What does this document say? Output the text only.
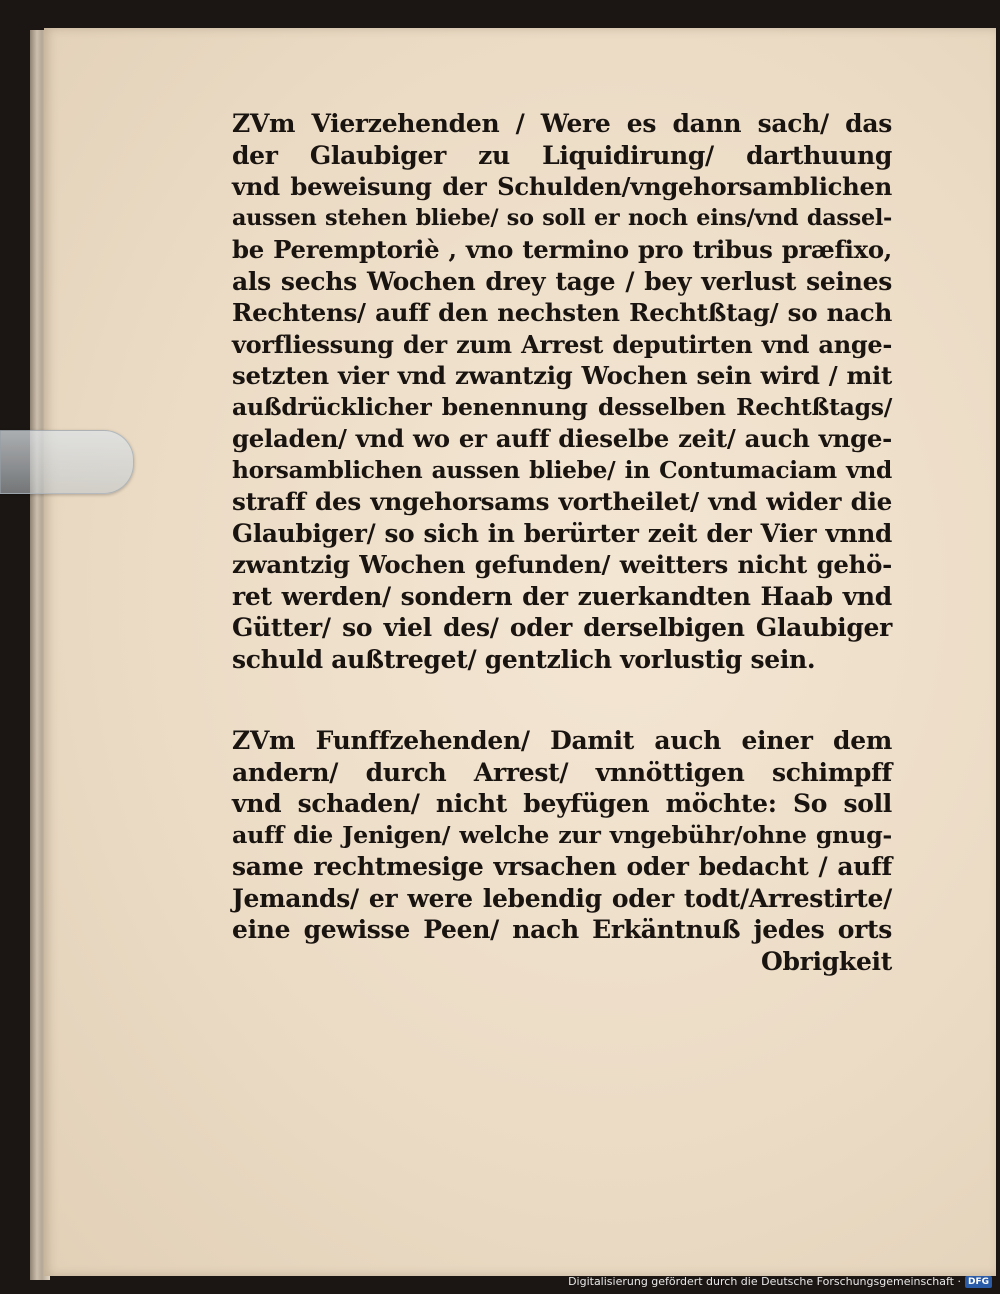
ZVm Vierzehenden / Were es dann sach/ das
der Glaubiger zu Liquidirung/ darthuung
vnd beweisung der Schulden/vngehorsamblichen
aussen stehen bliebe/ so soll er noch eins/vnd dassel-
be Peremptoriè , vno termino pro tribus præfixo,
als sechs Wochen drey tage / bey verlust seines
Rechtens/ auff den nechsten Rechtßtag/ so nach
vorfliessung der zum Arrest deputirten vnd ange-
setzten vier vnd zwantzig Wochen sein wird / mit
außdrücklicher benennung desselben Rechtßtags/
geladen/ vnd wo er auff dieselbe zeit/ auch vnge-
horsamblichen aussen bliebe/ in Contumaciam vnd
straff des vngehorsams vortheilet/ vnd wider die
Glaubiger/ so sich in berürter zeit der Vier vnnd
zwantzig Wochen gefunden/ weitters nicht gehö-
ret werden/ sondern der zuerkandten Haab vnd
Gütter/ so viel des/ oder derselbigen Glaubiger
schuld außtreget/ gentzlich vorlustig sein.
ZVm Funffzehenden/ Damit auch einer dem
andern/ durch Arrest/ vnnöttigen schimpff
vnd schaden/ nicht beyfügen möchte: So soll
auff die Jenigen/ welche zur vngebühr/ohne gnug-
same rechtmesige vrsachen oder bedacht / auff
Jemands/ er were lebendig oder todt/Arrestirte/
eine gewisse Peen/ nach Erkäntnuß jedes orts
Obrigkeit
Digitalisierung gefördert durch die Deutsche Forschungsgemeinschaft · DFG
